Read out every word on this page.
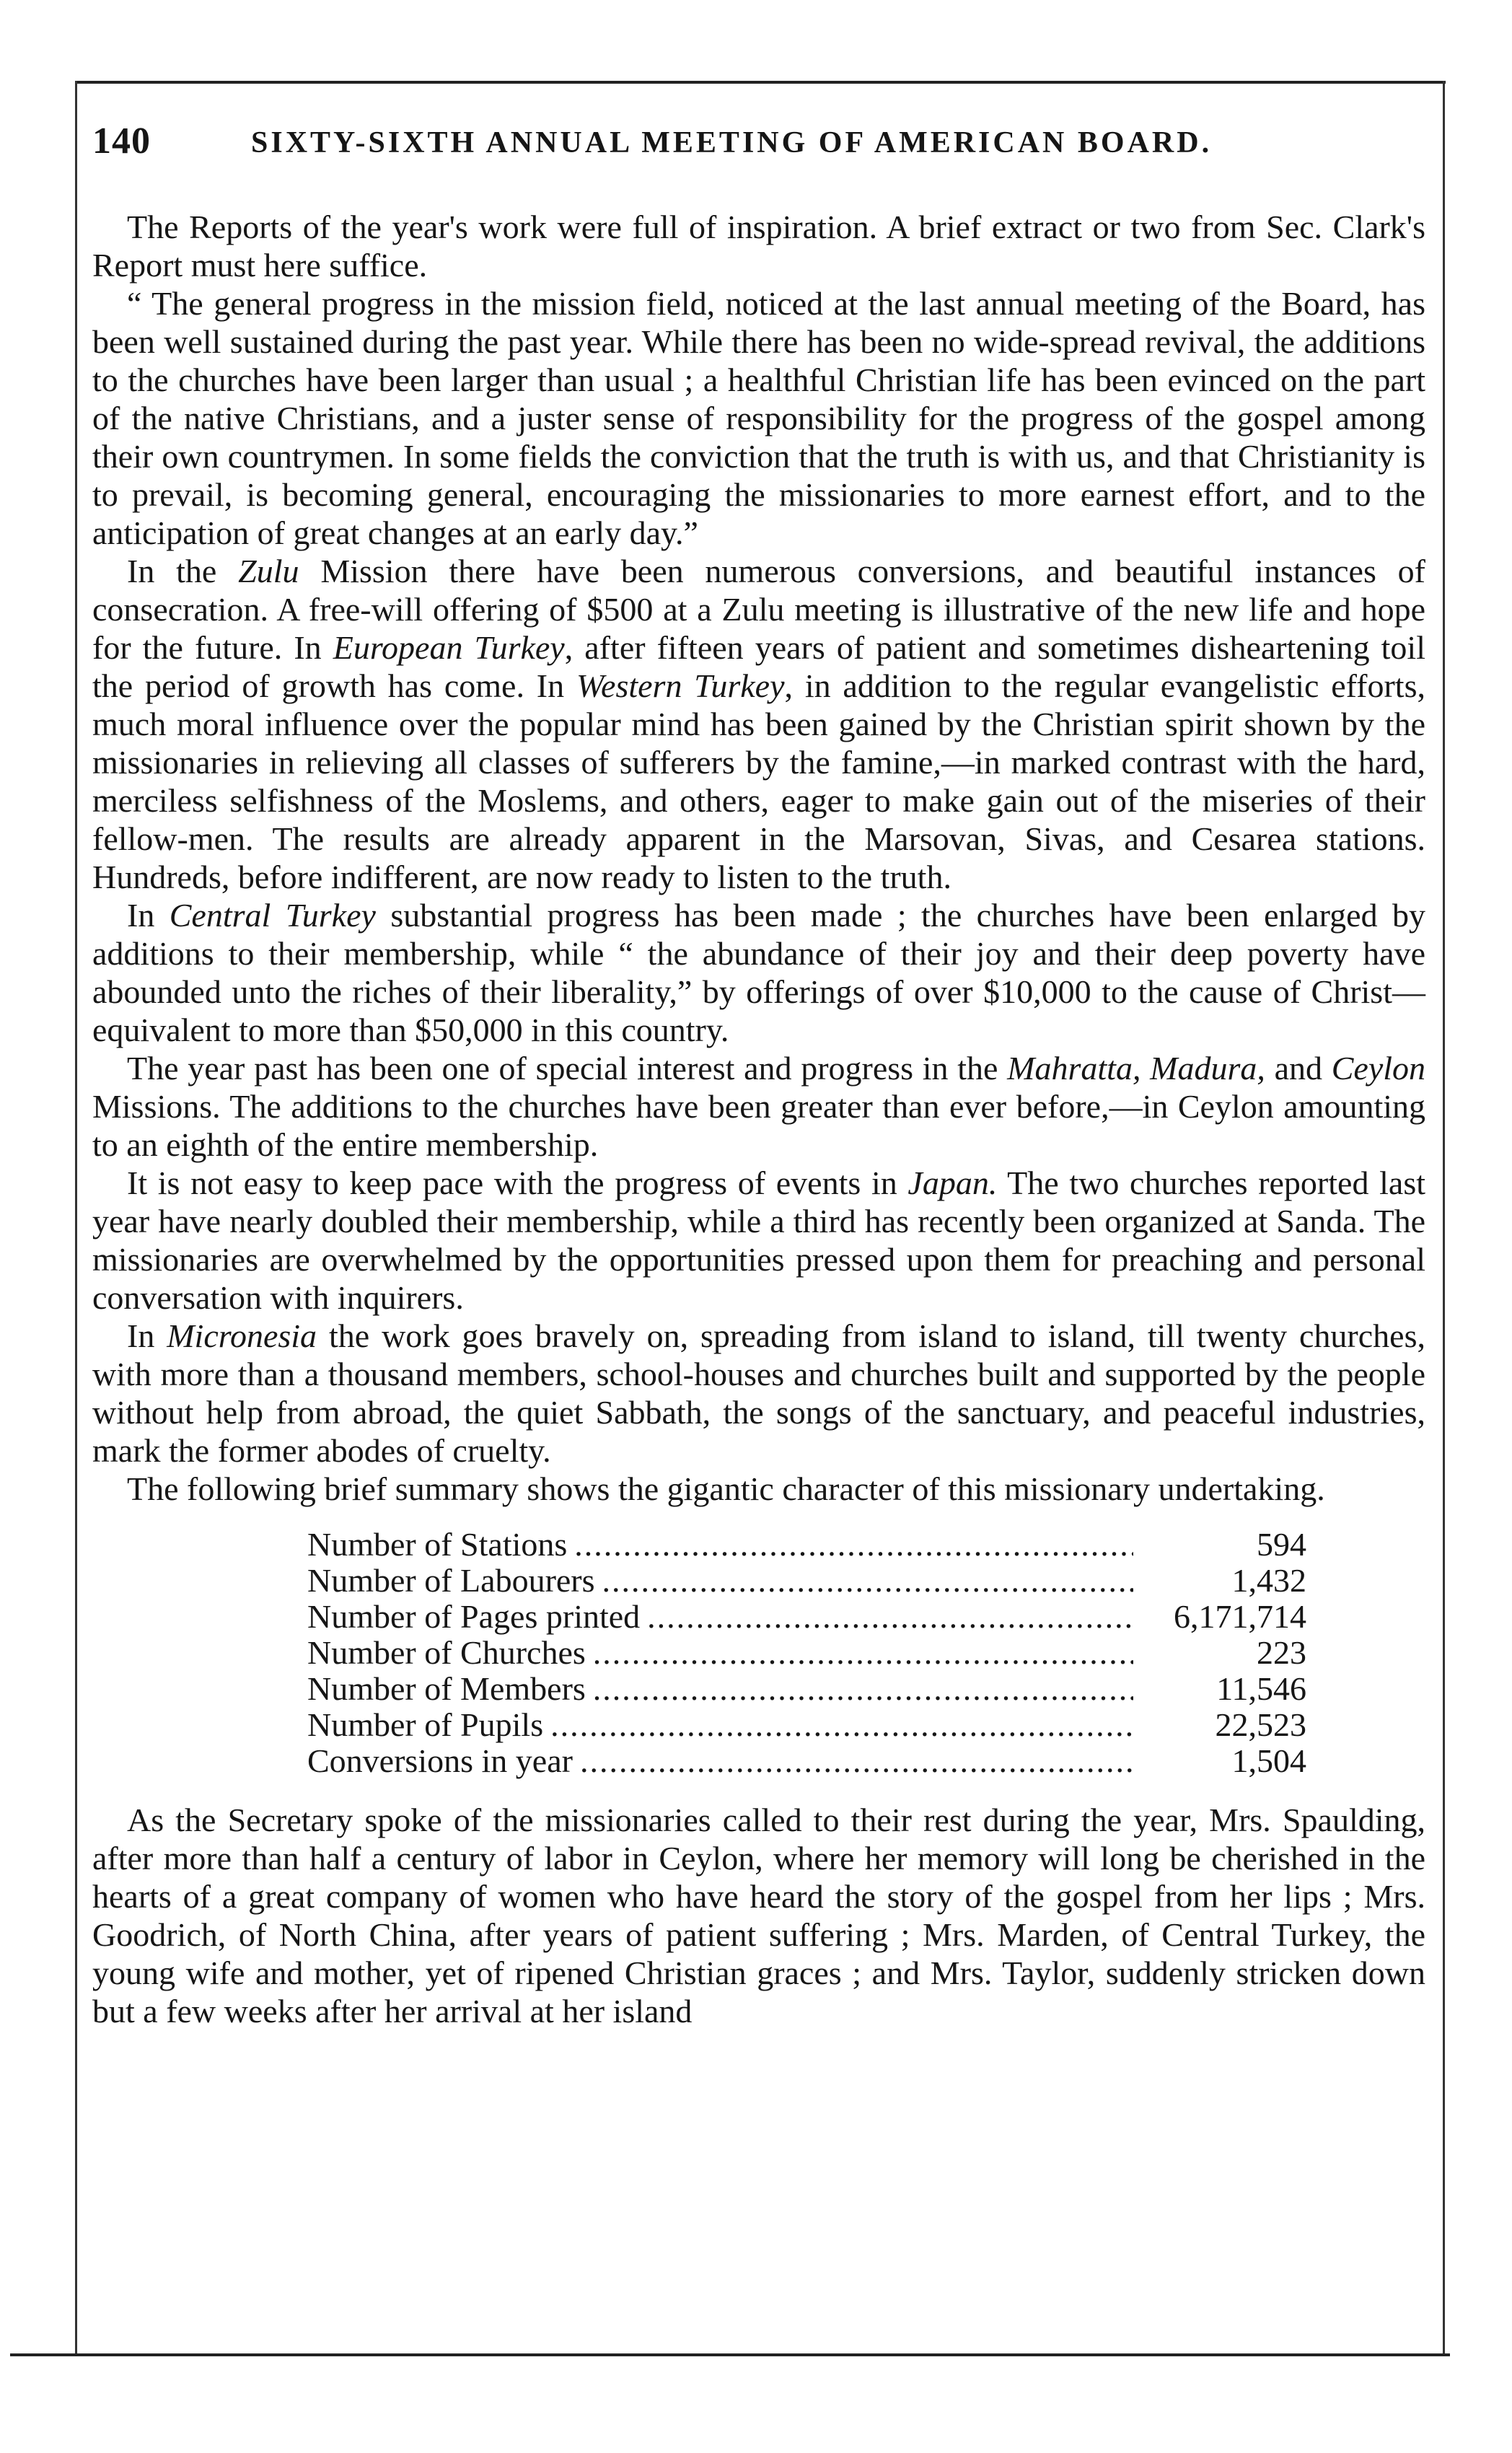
140	SIXTY-SIXTH ANNUAL MEETING OF AMERICAN BOARD.

The Reports of the year's work were full of inspiration. A brief extract or two from Sec. Clark's Report must here suffice.

“ The general progress in the mission field, noticed at the last annual meeting of the Board, has been well sustained during the past year. While there has been no wide-spread revival, the additions to the churches have been larger than usual ; a healthful Christian life has been evinced on the part of the native Christians, and a juster sense of responsibility for the progress of the gospel among their own countrymen. In some fields the conviction that the truth is with us, and that Christianity is to prevail, is becoming general, encouraging the missionaries to more earnest effort, and to the anticipation of great changes at an early day.”

In the Zulu Mission there have been numerous conversions, and beautiful instances of consecration. A free-will offering of $500 at a Zulu meeting is illustrative of the new life and hope for the future. In European Turkey, after fifteen years of patient and sometimes disheartening toil the period of growth has come. In Western Turkey, in addition to the regular evangelistic efforts, much moral influence over the popular mind has been gained by the Christian spirit shown by the missionaries in relieving all classes of sufferers by the famine,—in marked contrast with the hard, merciless selfishness of the Moslems, and others, eager to make gain out of the miseries of their fellow-men. The results are already apparent in the Marsovan, Sivas, and Cesarea stations. Hundreds, before indifferent, are now ready to listen to the truth.

In Central Turkey substantial progress has been made ; the churches have been enlarged by additions to their membership, while “ the abundance of their joy and their deep poverty have abounded unto the riches of their liberality,” by offerings of over $10,000 to the cause of Christ—equivalent to more than $50,000 in this country.

The year past has been one of special interest and progress in the Mahratta, Madura, and Ceylon Missions. The additions to the churches have been greater than ever before,—in Ceylon amounting to an eighth of the entire membership.

It is not easy to keep pace with the progress of events in Japan. The two churches reported last year have nearly doubled their membership, while a third has recently been organized at Sanda. The missionaries are overwhelmed by the opportunities pressed upon them for preaching and personal conversation with inquirers.

In Micronesia the work goes bravely on, spreading from island to island, till twenty churches, with more than a thousand members, school-houses and churches built and supported by the people without help from abroad, the quiet Sabbath, the songs of the sanctuary, and peaceful industries, mark the former abodes of cruelty.

The following brief summary shows the gigantic character of this missionary undertaking.

Number of Stations .....	594
Number of Labourers .....	1,432
Number of Pages printed .....	6,171,714
Number of Churches .....	223
Number of Members .....	11,546
Number of Pupils .....	22,523
Conversions in year .....	1,504

As the Secretary spoke of the missionaries called to their rest during the year, Mrs. Spaulding, after more than half a century of labor in Ceylon, where her memory will long be cherished in the hearts of a great company of women who have heard the story of the gospel from her lips ; Mrs. Goodrich, of North China, after years of patient suffering ; Mrs. Marden, of Central Turkey, the young wife and mother, yet of ripened Christian graces ; and Mrs. Taylor, suddenly stricken down but a few weeks after her arrival at her island
